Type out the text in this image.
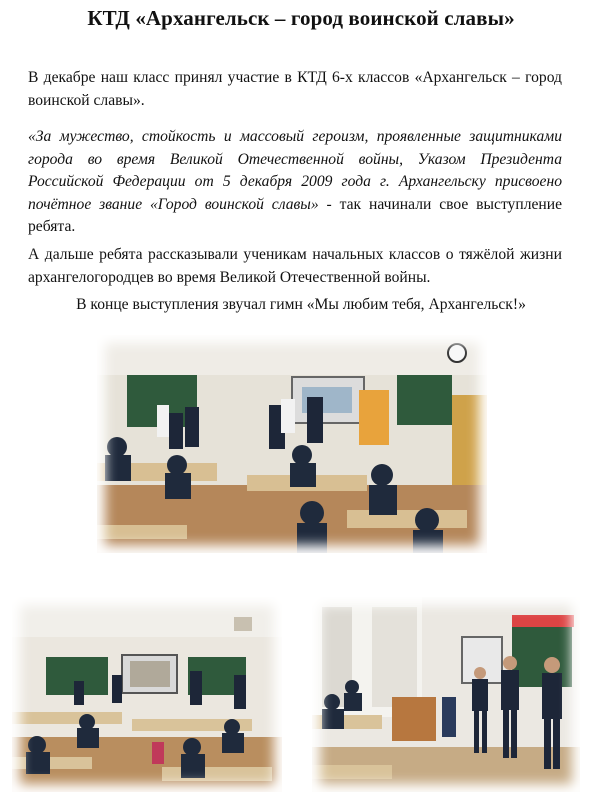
КТД «Архангельск – город воинской славы»
В декабре наш класс принял участие в КТД 6-х классов «Архангельск – город воинской славы».
«За мужество, стойкость и массовый героизм, проявленные защитниками города во время Великой Отечественной войны, Указом Президента Российской Федерации от 5 декабря 2009 года г. Архангельску присвоено почётное звание «Город воинской славы» - так начинали свое выступление ребята.
А дальше ребята рассказывали ученикам начальных классов о тяжёлой жизни архангелогородцев во время Великой Отечественной войны.
В конце выступления звучал гимн «Мы любим тебя, Архангельск!»
